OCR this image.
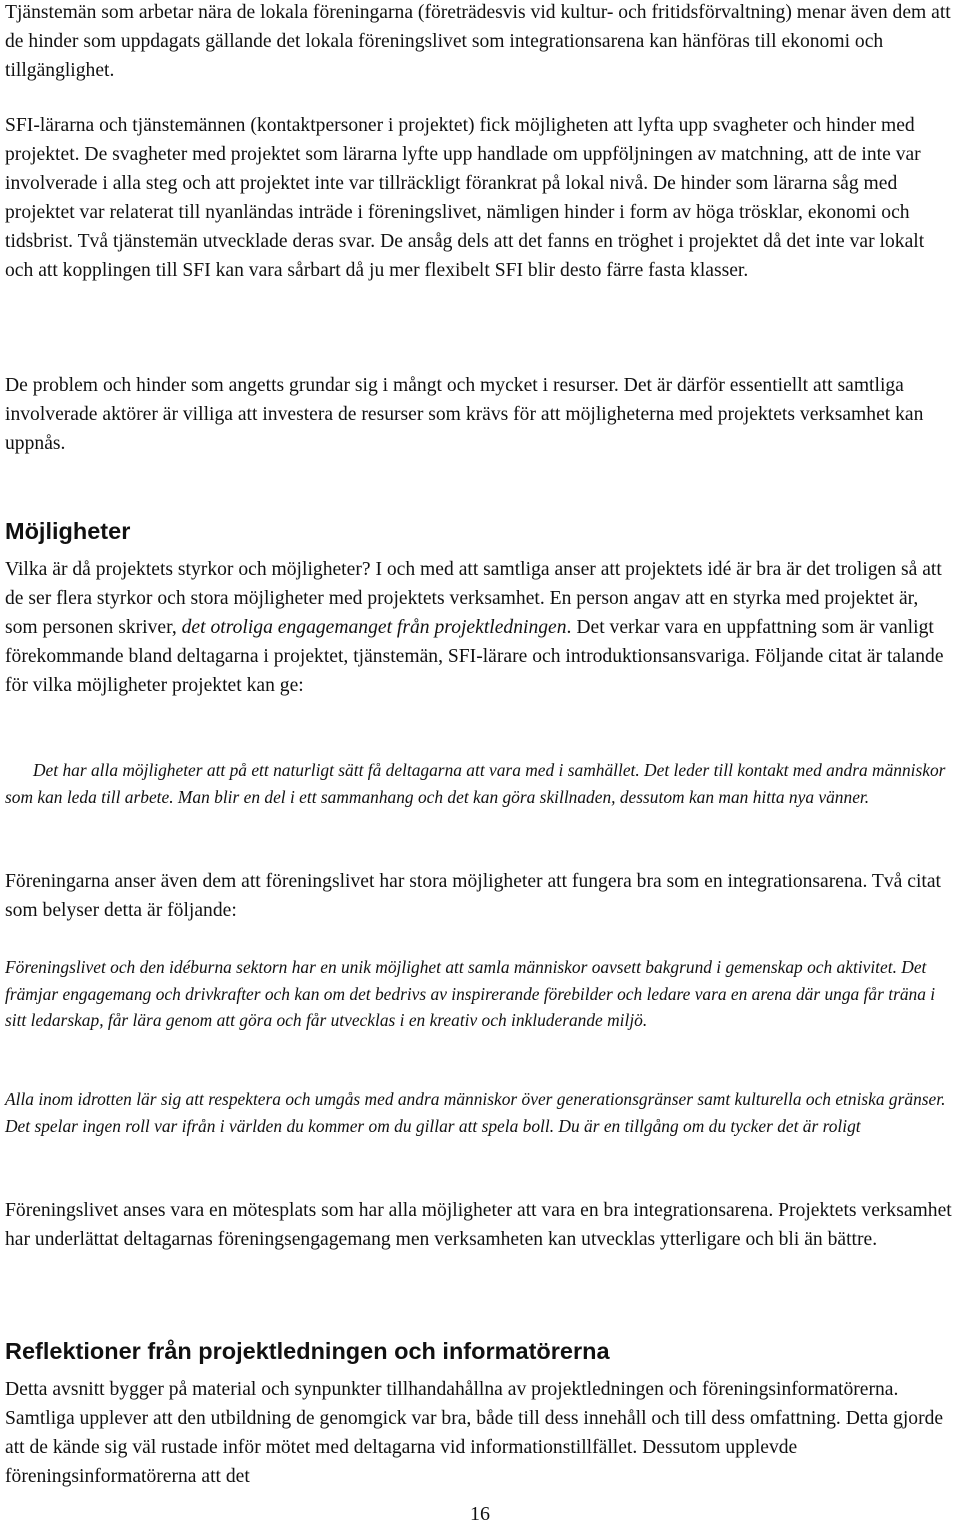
Tjänstemän som arbetar nära de lokala föreningarna (företrädesvis vid kultur- och fritidsförvaltning) menar även dem att de hinder som uppdagats gällande det lokala föreningslivet som integrationsarena kan hänföras till ekonomi och tillgänglighet.

SFI-lärarna och tjänstemännen (kontaktpersoner i projektet) fick möjligheten att lyfta upp svagheter och hinder med projektet. De svagheter med projektet som lärarna lyfte upp handlade om uppföljningen av matchning, att de inte var involverade i alla steg och att projektet inte var tillräckligt förankrat på lokal nivå. De hinder som lärarna såg med projektet var relaterat till nyanländas inträde i föreningslivet, nämligen hinder i form av höga trösklar, ekonomi och tidsbrist. Två tjänstemän utvecklade deras svar. De ansåg dels att det fanns en tröghet i projektet då det inte var lokalt och att kopplingen till SFI kan vara sårbart då ju mer flexibelt SFI blir desto färre fasta klasser.

De problem och hinder som angetts grundar sig i mångt och mycket i resurser. Det är därför essentiellt att samtliga involverade aktörer är villiga att investera de resurser som krävs för att möjligheterna med projektets verksamhet kan uppnås.

Möjligheter

Vilka är då projektets styrkor och möjligheter? I och med att samtliga anser att projektets idé är bra är det troligen så att de ser flera styrkor och stora möjligheter med projektets verksamhet. En person angav att en styrka med projektet är, som personen skriver, det otroliga engagemanget från projektledningen. Det verkar vara en uppfattning som är vanligt förekommande bland deltagarna i projektet, tjänstemän, SFI-lärare och introduktionsansvariga. Följande citat är talande för vilka möjligheter projektet kan ge:

Det har alla möjligheter att på ett naturligt sätt få deltagarna att vara med i samhället. Det leder till kontakt med andra människor som kan leda till arbete. Man blir en del i ett sammanhang och det kan göra skillnaden, dessutom kan man hitta nya vänner.

Föreningarna anser även dem att föreningslivet har stora möjligheter att fungera bra som en integrationsarena. Två citat som belyser detta är följande:

Föreningslivet och den idéburna sektorn har en unik möjlighet att samla människor oavsett bakgrund i gemenskap och aktivitet. Det främjar engagemang och drivkrafter och kan om det bedrivs av inspirerande förebilder och ledare vara en arena där unga får träna i sitt ledarskap, får lära genom att göra och får utvecklas i en kreativ och inkluderande miljö.

Alla inom idrotten lär sig att respektera och umgås med andra människor över generationsgränser samt kulturella och etniska gränser. Det spelar ingen roll var ifrån i världen du kommer om du gillar att spela boll. Du är en tillgång om du tycker det är roligt

Föreningslivet anses vara en mötesplats som har alla möjligheter att vara en bra integrationsarena. Projektets verksamhet har underlättat deltagarnas föreningsengagemang men verksamheten kan utvecklas ytterligare och bli än bättre.

Reflektioner från projektledningen och informatörerna

Detta avsnitt bygger på material och synpunkter tillhandahållna av projektledningen och föreningsinformatörerna. Samtliga upplever att den utbildning de genomgick var bra, både till dess innehåll och till dess omfattning. Detta gjorde att de kände sig väl rustade inför mötet med deltagarna vid informationstillfället. Dessutom upplevde föreningsinformatörerna att det

16
